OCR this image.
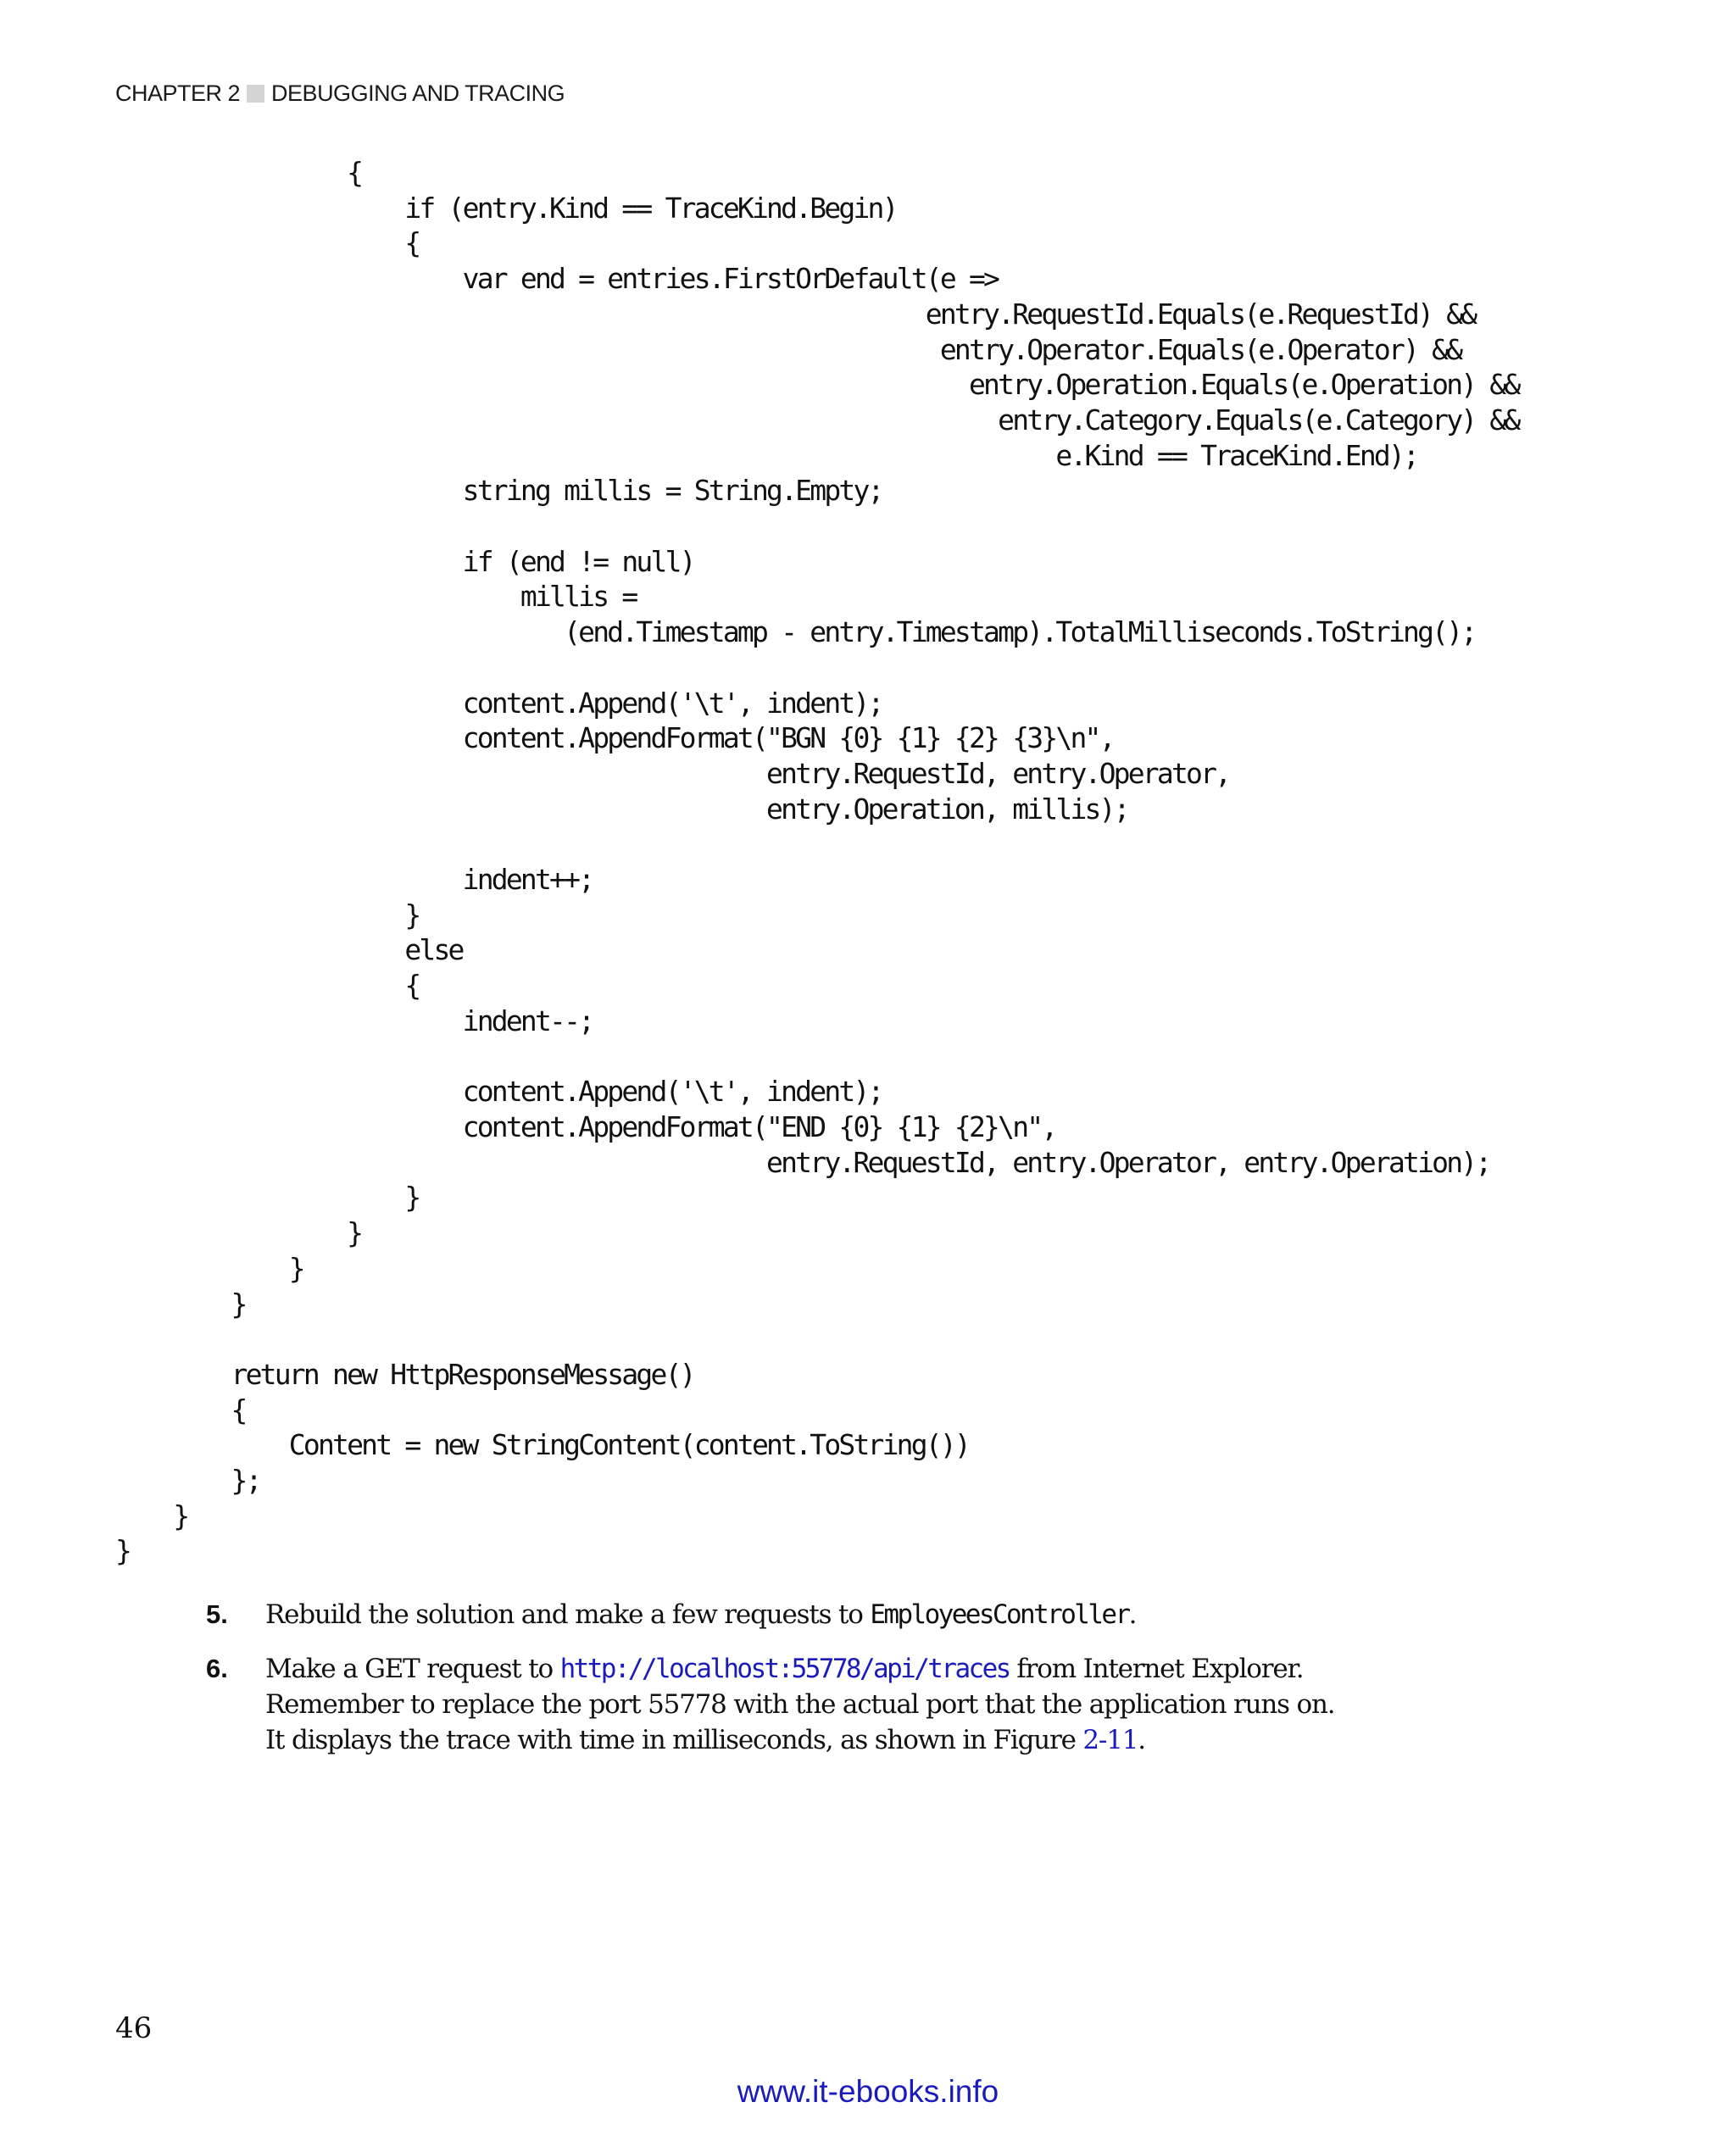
CHAPTER 2 DEBUGGING AND TRACING
{
if (entry.Kind == TraceKind.Begin)
{
var end = entries.FirstOrDefault(e =>
entry.RequestId.Equals(e.RequestId) &&
entry.Operator.Equals(e.Operator) &&
entry.Operation.Equals(e.Operation) &&
entry.Category.Equals(e.Category) &&
e.Kind == TraceKind.End);
string millis = String.Empty;

if (end != null)
millis =
(end.Timestamp - entry.Timestamp).TotalMilliseconds.ToString();

content.Append('\t', indent);
content.AppendFormat("BGN {0} {1} {2} {3}\n",
entry.RequestId, entry.Operator,
entry.Operation, millis);

indent++;
}
else
{
indent--;

content.Append('\t', indent);
content.AppendFormat("END {0} {1} {2}\n",
entry.RequestId, entry.Operator, entry.Operation);
}
}
}
}

return new HttpResponseMessage()
{
Content = new StringContent(content.ToString())
};
}
}
5.	Rebuild the solution and make a few requests to EmployeesController.
6.	Make a GET request to http://localhost:55778/api/traces from Internet Explorer.
Remember to replace the port 55778 with the actual port that the application runs on.
It displays the trace with time in milliseconds, as shown in Figure 2-11.
46
www.it-ebooks.info
